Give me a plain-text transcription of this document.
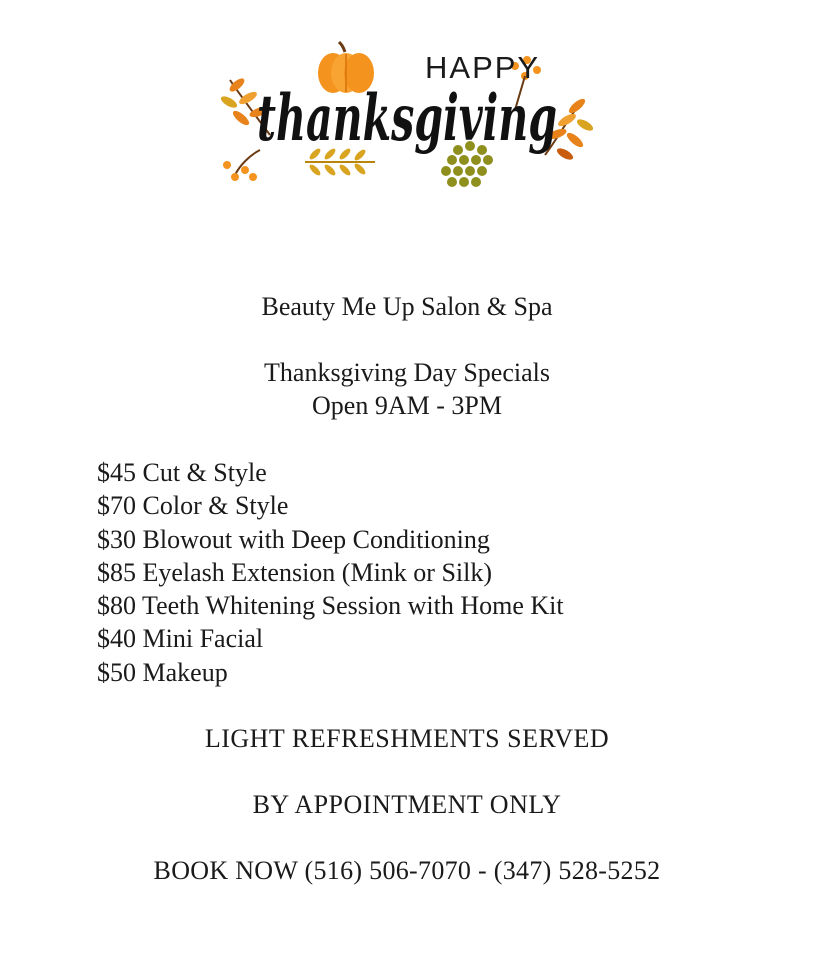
HAPPY
thanksgiving
Beauty Me Up Salon & Spa
Thanksgiving Day Specials
Open 9AM - 3PM
$45 Cut & Style
$70 Color & Style
$30 Blowout with Deep Conditioning
$85 Eyelash Extension (Mink or Silk)
$80 Teeth Whitening Session with Home Kit
$40 Mini Facial
$50 Makeup
LIGHT REFRESHMENTS SERVED
BY APPOINTMENT ONLY
BOOK NOW (516) 506-7070 - (347) 528-5252
